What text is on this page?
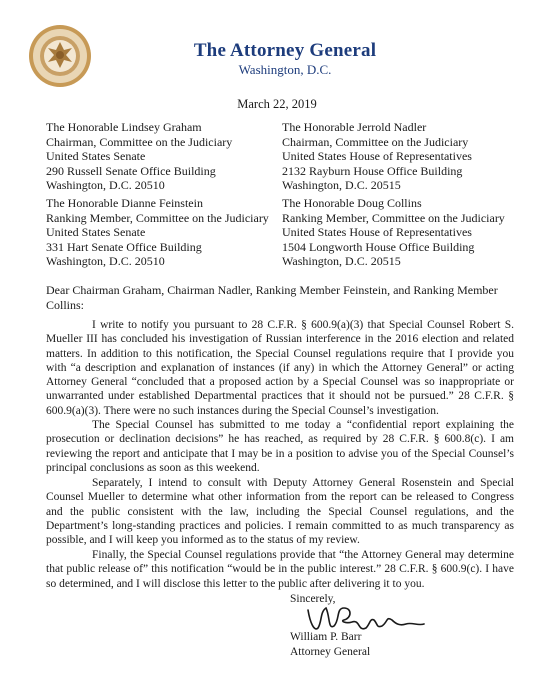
The Attorney General
Washington, D.C.
March 22, 2019
The Honorable Lindsey Graham
Chairman, Committee on the Judiciary
United States Senate
290 Russell Senate Office Building
Washington, D.C. 20510
The Honorable Jerrold Nadler
Chairman, Committee on the Judiciary
United States House of Representatives
2132 Rayburn House Office Building
Washington, D.C. 20515
The Honorable Dianne Feinstein
Ranking Member, Committee on the Judiciary
United States Senate
331 Hart Senate Office Building
Washington, D.C. 20510
The Honorable Doug Collins
Ranking Member, Committee on the Judiciary
United States House of Representatives
1504 Longworth House Office Building
Washington, D.C. 20515
Dear Chairman Graham, Chairman Nadler, Ranking Member Feinstein, and Ranking Member Collins:
I write to notify you pursuant to 28 C.F.R. § 600.9(a)(3) that Special Counsel Robert S. Mueller III has concluded his investigation of Russian interference in the 2016 election and related matters. In addition to this notification, the Special Counsel regulations require that I provide you with “a description and explanation of instances (if any) in which the Attorney General” or acting Attorney General “concluded that a proposed action by a Special Counsel was so inappropriate or unwarranted under established Departmental practices that it should not be pursued.” 28 C.F.R. § 600.9(a)(3). There were no such instances during the Special Counsel’s investigation.
The Special Counsel has submitted to me today a “confidential report explaining the prosecution or declination decisions” he has reached, as required by 28 C.F.R. § 600.8(c). I am reviewing the report and anticipate that I may be in a position to advise you of the Special Counsel’s principal conclusions as soon as this weekend.
Separately, I intend to consult with Deputy Attorney General Rosenstein and Special Counsel Mueller to determine what other information from the report can be released to Congress and the public consistent with the law, including the Special Counsel regulations, and the Department’s long-standing practices and policies. I remain committed to as much transparency as possible, and I will keep you informed as to the status of my review.
Finally, the Special Counsel regulations provide that “the Attorney General may determine that public release of” this notification “would be in the public interest.” 28 C.F.R. § 600.9(c). I have so determined, and I will disclose this letter to the public after delivering it to you.
Sincerely,
William P. Barr
Attorney General
